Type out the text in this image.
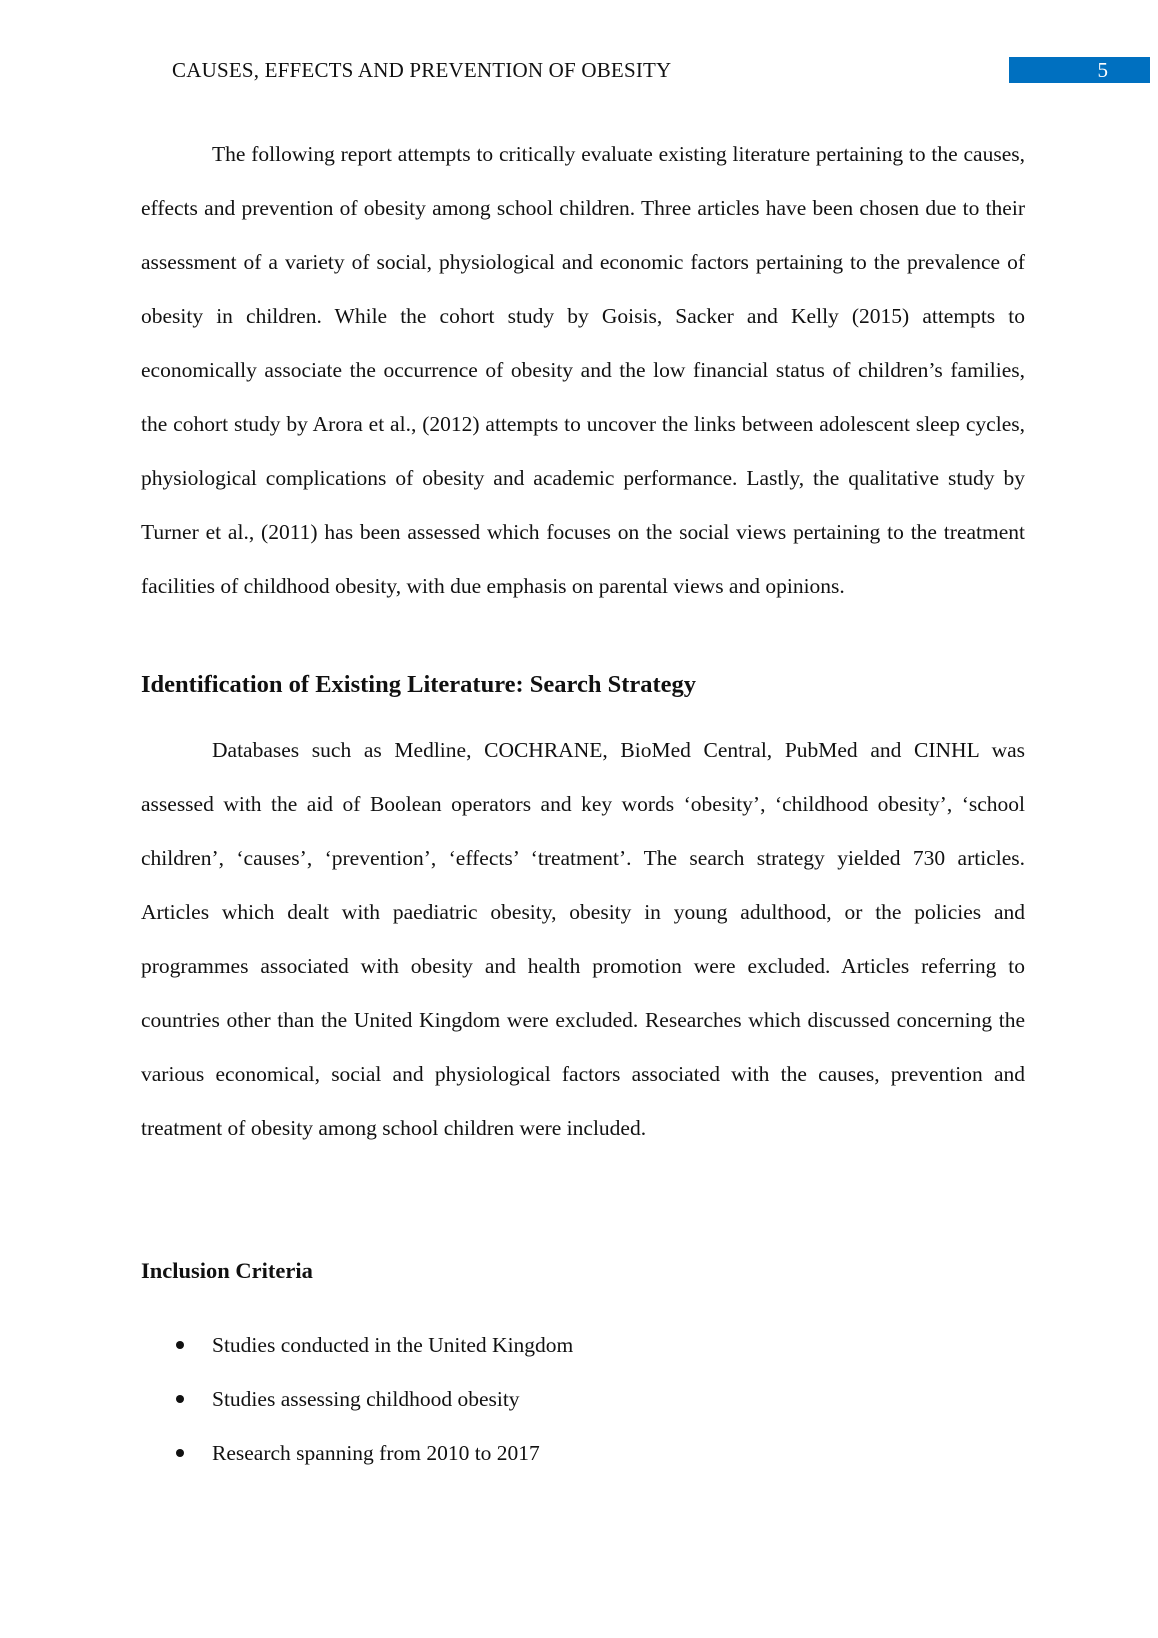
CAUSES, EFFECTS AND PREVENTION OF OBESITY	5

The following report attempts to critically evaluate existing literature pertaining to the causes, effects and prevention of obesity among school children. Three articles have been chosen due to their assessment of a variety of social, physiological and economic factors pertaining to the prevalence of obesity in children. While the cohort study by Goisis, Sacker and Kelly (2015) attempts to economically associate the occurrence of obesity and the low financial status of children’s families, the cohort study by Arora et al., (2012) attempts to uncover the links between adolescent sleep cycles, physiological complications of obesity and academic performance. Lastly, the qualitative study by Turner et al., (2011) has been assessed which focuses on the social views pertaining to the treatment facilities of childhood obesity, with due emphasis on parental views and opinions.

Identification of Existing Literature: Search Strategy

Databases such as Medline, COCHRANE, BioMed Central, PubMed and CINHL was assessed with the aid of Boolean operators and key words ‘obesity’, ‘childhood obesity’, ‘school children’, ‘causes’, ‘prevention’, ‘effects’ ‘treatment’. The search strategy yielded 730 articles. Articles which dealt with paediatric obesity, obesity in young adulthood, or the policies and programmes associated with obesity and health promotion were excluded. Articles referring to countries other than the United Kingdom were excluded. Researches which discussed concerning the various economical, social and physiological factors associated with the causes, prevention and treatment of obesity among school children were included.

Inclusion Criteria
Studies conducted in the United Kingdom
Studies assessing childhood obesity
Research spanning from 2010 to 2017
